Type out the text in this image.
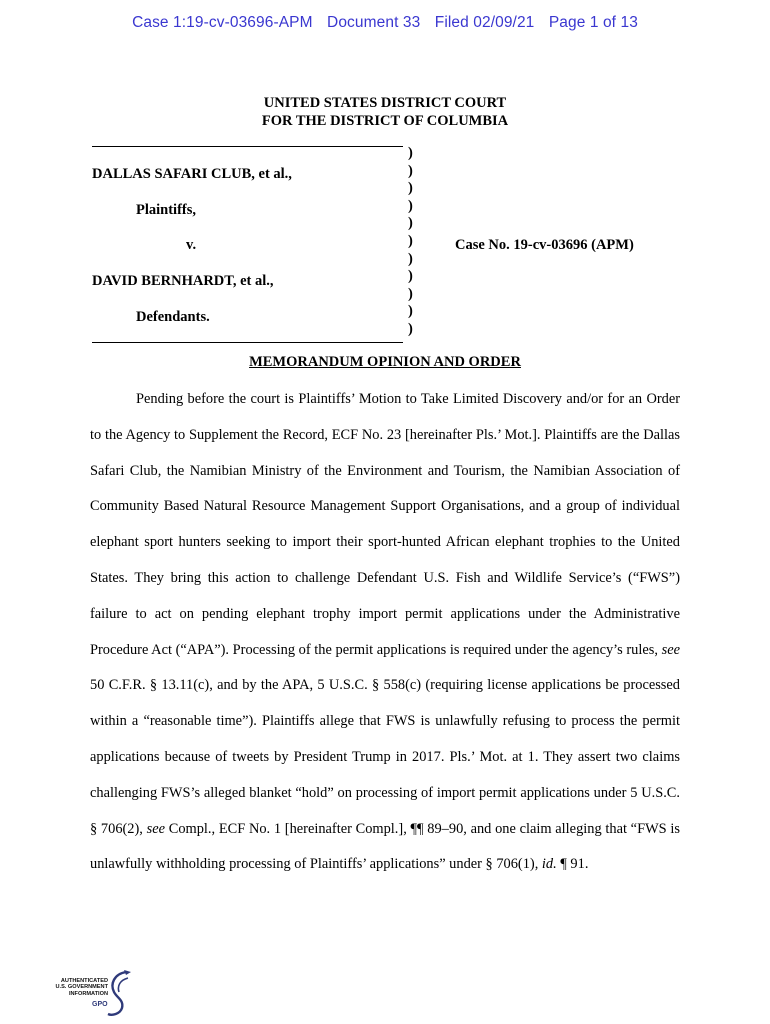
Case 1:19-cv-03696-APM Document 33 Filed 02/09/21 Page 1 of 13
UNITED STATES DISTRICT COURT
FOR THE DISTRICT OF COLUMBIA
DALLAS SAFARI CLUB, et al.,
Plaintiffs,
v.
DAVID BERNHARDT, et al.,
Defendants.
)
)
)
)
)
)
)
)
)
)
)
Case No. 19-cv-03696 (APM)
MEMORANDUM OPINION AND ORDER
Pending before the court is Plaintiffs’ Motion to Take Limited Discovery and/or for an Order to the Agency to Supplement the Record, ECF No. 23 [hereinafter Pls.’ Mot.]. Plaintiffs are the Dallas Safari Club, the Namibian Ministry of the Environment and Tourism, the Namibian Association of Community Based Natural Resource Management Support Organisations, and a group of individual elephant sport hunters seeking to import their sport-hunted African elephant trophies to the United States. They bring this action to challenge Defendant U.S. Fish and Wildlife Service’s (“FWS”) failure to act on pending elephant trophy import permit applications under the Administrative Procedure Act (“APA”). Processing of the permit applications is required under the agency’s rules, see 50 C.F.R. § 13.11(c), and by the APA, 5 U.S.C. § 558(c) (requiring license applications be processed within a “reasonable time”). Plaintiffs allege that FWS is unlawfully refusing to process the permit applications because of tweets by President Trump in 2017. Pls.’ Mot. at 1. They assert two claims challenging FWS’s alleged blanket “hold” on processing of import permit applications under 5 U.S.C. § 706(2), see Compl., ECF No. 1 [hereinafter Compl.], ¶¶ 89–90, and one claim alleging that “FWS is unlawfully withholding processing of Plaintiffs’ applications” under § 706(1), id. ¶ 91.
AUTHENTICATED
U.S. GOVERNMENT
INFORMATION
GPO
